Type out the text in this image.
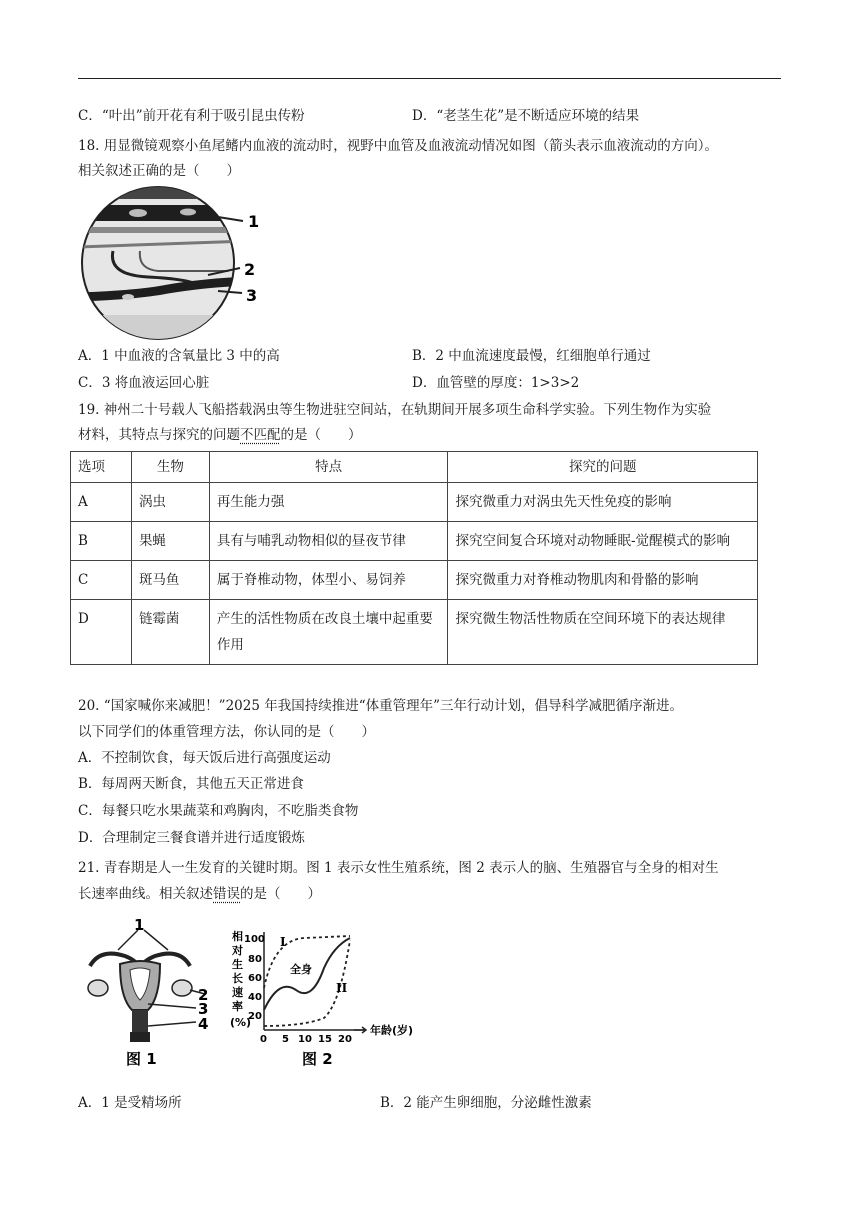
C．“叶出”前开花有利于吸引昆虫传粉	D．“老茎生花”是不断适应环境的结果
18. 用显微镜观察小鱼尾鳍内血液的流动时，视野中血管及血液流动情况如图（箭头表示血液流动的方向）。
相关叙述正确的是（　　）
1
2
3
A．1 中血液的含氧量比 3 中的高	B．2 中血流速度最慢，红细胞单行通过
C．3 将血液运回心脏	D．血管壁的厚度：1>3>2
19. 神州二十号载人飞船搭载涡虫等生物进驻空间站，在轨期间开展多项生命科学实验。下列生物作为实验
材料，其特点与探究的问题不匹配的是（　　）
选项	生物	特点	探究的问题
A	涡虫	再生能力强	探究微重力对涡虫先天性免疫的影响
B	果蝇	具有与哺乳动物相似的昼夜节律	探究空间复合环境对动物睡眠-觉醒模式的影响
C	斑马鱼	属于脊椎动物，体型小、易饲养	探究微重力对脊椎动物肌肉和骨骼的影响
D	链霉菌	产生的活性物质在改良土壤中起重要作用	探究微生物活性物质在空间环境下的表达规律
20. “国家喊你来减肥！”2025 年我国持续推进“体重管理年”三年行动计划，倡导科学减肥循序渐进。
以下同学们的体重管理方法，你认同的是（　　）
A．不控制饮食，每天饭后进行高强度运动
B．每周两天断食，其他五天正常进食
C．每餐只吃水果蔬菜和鸡胸肉，不吃脂类食物
D．合理制定三餐食谱并进行适度锻炼
21. 青春期是人一生发育的关键时期。图 1 表示女性生殖系统，图 2 表示人的脑、生殖器官与全身的相对生
长速率曲线。相关叙述错误的是（　　）
1
2
3
4
图 1
相
对
生
长
速
率
(%)
100
80
60
40
20
0 5 10 15 20
I
全身
II
年龄(岁)
图 2
A．1 是受精场所	B．2 能产生卵细胞，分泌雌性激素
